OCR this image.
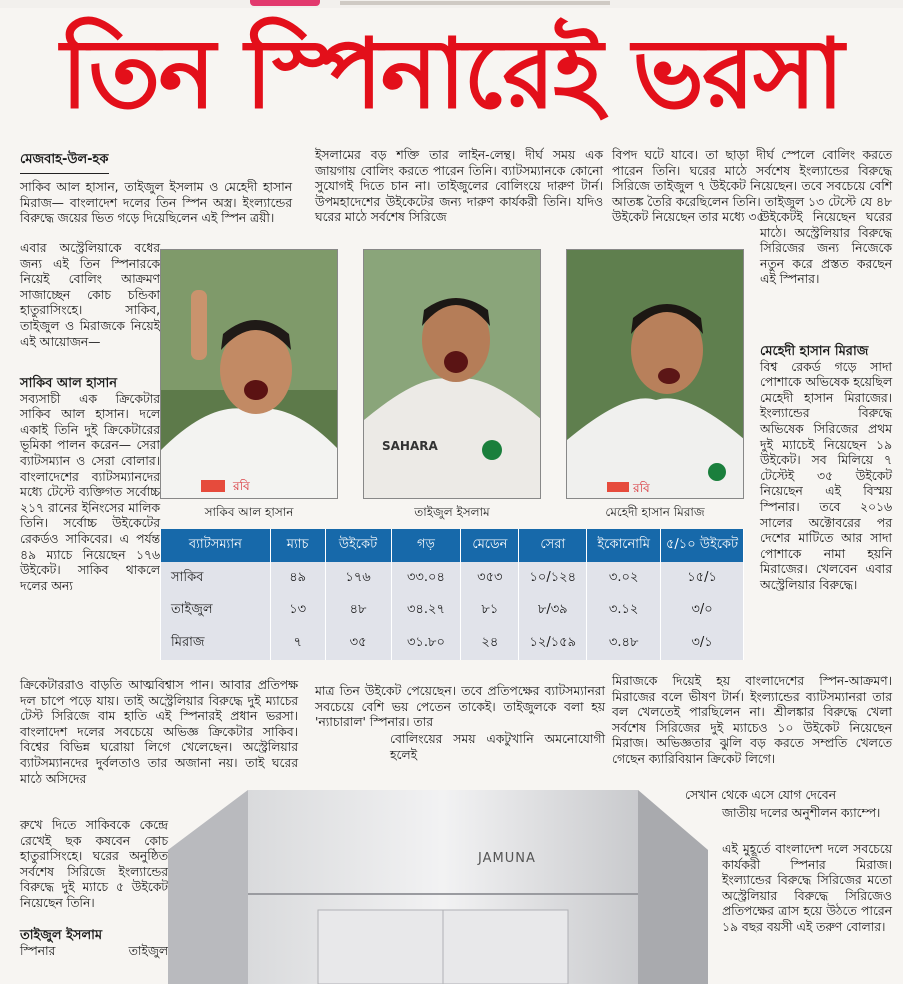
তিন স্পিনারেই ভরসা
মেজবাহ-উল-হক
সাকিব আল হাসান, তাইজুল ইসলাম ও মেহেদী হাসান মিরাজ— বাংলাদেশ দলের তিন স্পিন অস্ত্র। ইংল্যান্ডের বিরুদ্ধে জয়ের ভিত গড়ে দিয়েছিলেন এই স্পিন ত্রয়ী।
এবার অস্ট্রেলিয়াকে বধের জন্য এই তিন স্পিনারকে নিয়েই বোলিং আক্রমণ সাজাচ্ছেন কোচ চন্ডিকা হাতুরাসিংহে। সাকিব, তাইজুল ও মিরাজকে নিয়েই এই আয়োজন—
সাকিব আল হাসান

সব্যসাচী এক ক্রিকেটার সাকিব আল হাসান। দলে একাই তিনি দুই ক্রিকেটারের ভূমিকা পালন করেন— সেরা ব্যাটসম্যান ও সেরা বোলার। বাংলাদেশের ব্যাটসম্যানদের মধ্যে টেস্টে ব্যক্তিগত সর্বোচ্চ ২১৭ রানের ইনিংসের মালিক তিনি। সর্বোচ্চ উইকেটের রেকর্ডও সাকিবের। এ পর্যন্ত ৪৯ ম্যাচে নিয়েছেন ১৭৬ উইকেট। সাকিব থাকলে দলের অন্য

ক্রিকেটাররাও বাড়তি আত্মবিশ্বাস পান। আবার প্রতিপক্ষ দল চাপে পড়ে যায়। তাই অস্ট্রেলিয়ার বিরুদ্ধে দুই ম্যাচের টেস্ট সিরিজে বাম হাতি এই স্পিনারই প্রধান ভরসা। বাংলাদেশ দলের সবচেয়ে অভিজ্ঞ ক্রিকেটার সাকিব। বিশ্বের বিভিন্ন ঘরোয়া লিগে খেলেছেন। অস্ট্রেলিয়ার ব্যাটসম্যানদের দুর্বলতাও তার অজানা নয়। তাই ঘরের মাঠে অসিদের
রুখে দিতে সাকিবকে কেন্দ্রে রেখেই ছক কষবেন কোচ হাতুরাসিংহে। ঘরের অনুষ্ঠিত সর্বশেষ সিরিজে ইংল্যান্ডের বিরুদ্ধে দুই ম্যাচে ৫ উইকেট নিয়েছেন তিনি।
তাইজুল ইসলাম

স্পিনার তাইজুল

ইসলামের বড় শক্তি তার লাইন-লেন্থ। দীর্ঘ সময় এক জায়গায় বোলিং করতে পারেন তিনি। ব্যাটসম্যানকে কোনো সুযোগই দিতে চান না। তাইজুলের বোলিংয়ে দারুণ টার্ন। উপমহাদেশের উইকেটের জন্য দারুণ কার্যকরী তিনি। যদিও ঘরের মাঠে সর্বশেষ সিরিজে
মাত্র তিন উইকেট পেয়েছেন। তবে প্রতিপক্ষের ব্যাটসম্যানরা সবচেয়ে বেশি ভয় পেতেন তাকেই। তাইজুলকে বলা হয় 'ন্যাচারাল' স্পিনার। তার
বোলিংয়ের সময় একটুখানি অমনোযোগী হলেই
বিপদ ঘটে যাবে। তা ছাড়া দীর্ঘ স্পেলে বোলিং করতে পারেন তিনি। ঘরের মাঠে সর্বশেষ ইংল্যান্ডের বিরুদ্ধে সিরিজে তাইজুল ৭ উইকেট নিয়েছেন। তবে সবচেয়ে বেশি আতঙ্ক তৈরি করেছিলেন তিনি। তাইজুল ১৩ টেস্টে যে ৪৮ উইকেট নিয়েছেন তার মধ্যে ৩৫
উইকেটই নিয়েছেন ঘরের মাঠে। অস্ট্রেলিয়ার বিরুদ্ধে সিরিজের জন্য নিজেকে নতুন করে প্রস্তত করছেন এই স্পিনার।
মেহেদী হাসান মিরাজ

বিশ্ব রেকর্ড গড়ে সাদা পোশাকে অভিষেক হয়েছিল মেহেদী হাসান মিরাজের। ইংল্যান্ডের বিরুদ্ধে অভিষেক সিরিজের প্রথম দুই ম্যাচেই নিয়েছেন ১৯ উইকেট। সব মিলিয়ে ৭ টেস্টেই ৩৫ উইকেট নিয়েছেন এই বিস্ময় স্পিনার। তবে ২০১৬ সালের অক্টোবরের পর দেশের মাটিতে আর সাদা পোশাকে নামা হয়নি মিরাজের। খেলবেন এবার অস্ট্রেলিয়ার বিরুদ্ধে।

মিরাজকে দিয়েই হয় বাংলাদেশের স্পিন-আক্রমণ। মিরাজের বলে ভীষণ টার্ন। ইংল্যান্ডের ব্যাটসম্যানরা তার বল খেলতেই পারছিলেন না। শ্রীলঙ্কার বিরুদ্ধে খেলা সর্বশেষ সিরিজের দুই ম্যাচেও ১০ উইকেট নিয়েছেন মিরাজ। অভিজ্ঞতার ঝুলি বড় করতে সম্প্রতি খেলতে গেছেন ক্যারিবিয়ান ক্রিকেট লিগে।
সেখান থেকে এসে যোগ দেবেন
জাতীয় দলের অনুশীলন ক্যাম্পে।
এই মুহূর্তে বাংলাদেশ দলে সবচেয়ে কার্যকরী স্পিনার মিরাজ। ইংল্যান্ডের বিরুদ্ধে সিরিজের মতো অস্ট্রেলিয়ার বিরুদ্ধে সিরিজেও প্রতিপক্ষের ত্রাস হয়ে উঠতে পারেন ১৯ বছর বয়সী এই তরুণ বোলার।
রবি
SAHARA
রবি
সাকিব আল হাসান	তাইজুল ইসলাম	মেহেদী হাসান মিরাজ
ব্যাটসম্যান	ম্যাচ	উইকেট	গড়	মেডেন	সেরা	ইকোনোমি	৫/১০ উইকেট
সাকিব	৪৯	১৭৬	৩৩.০৪	৩৫৩	১০/১২৪	৩.০২	১৫/১
তাইজুল	১৩	৪৮	৩৪.২৭	৮১	৮/৩৯	৩.১২	৩/০
মিরাজ	৭	৩৫	৩১.৮০	২৪	১২/১৫৯	৩.৪৮	৩/১
JAMUNA
